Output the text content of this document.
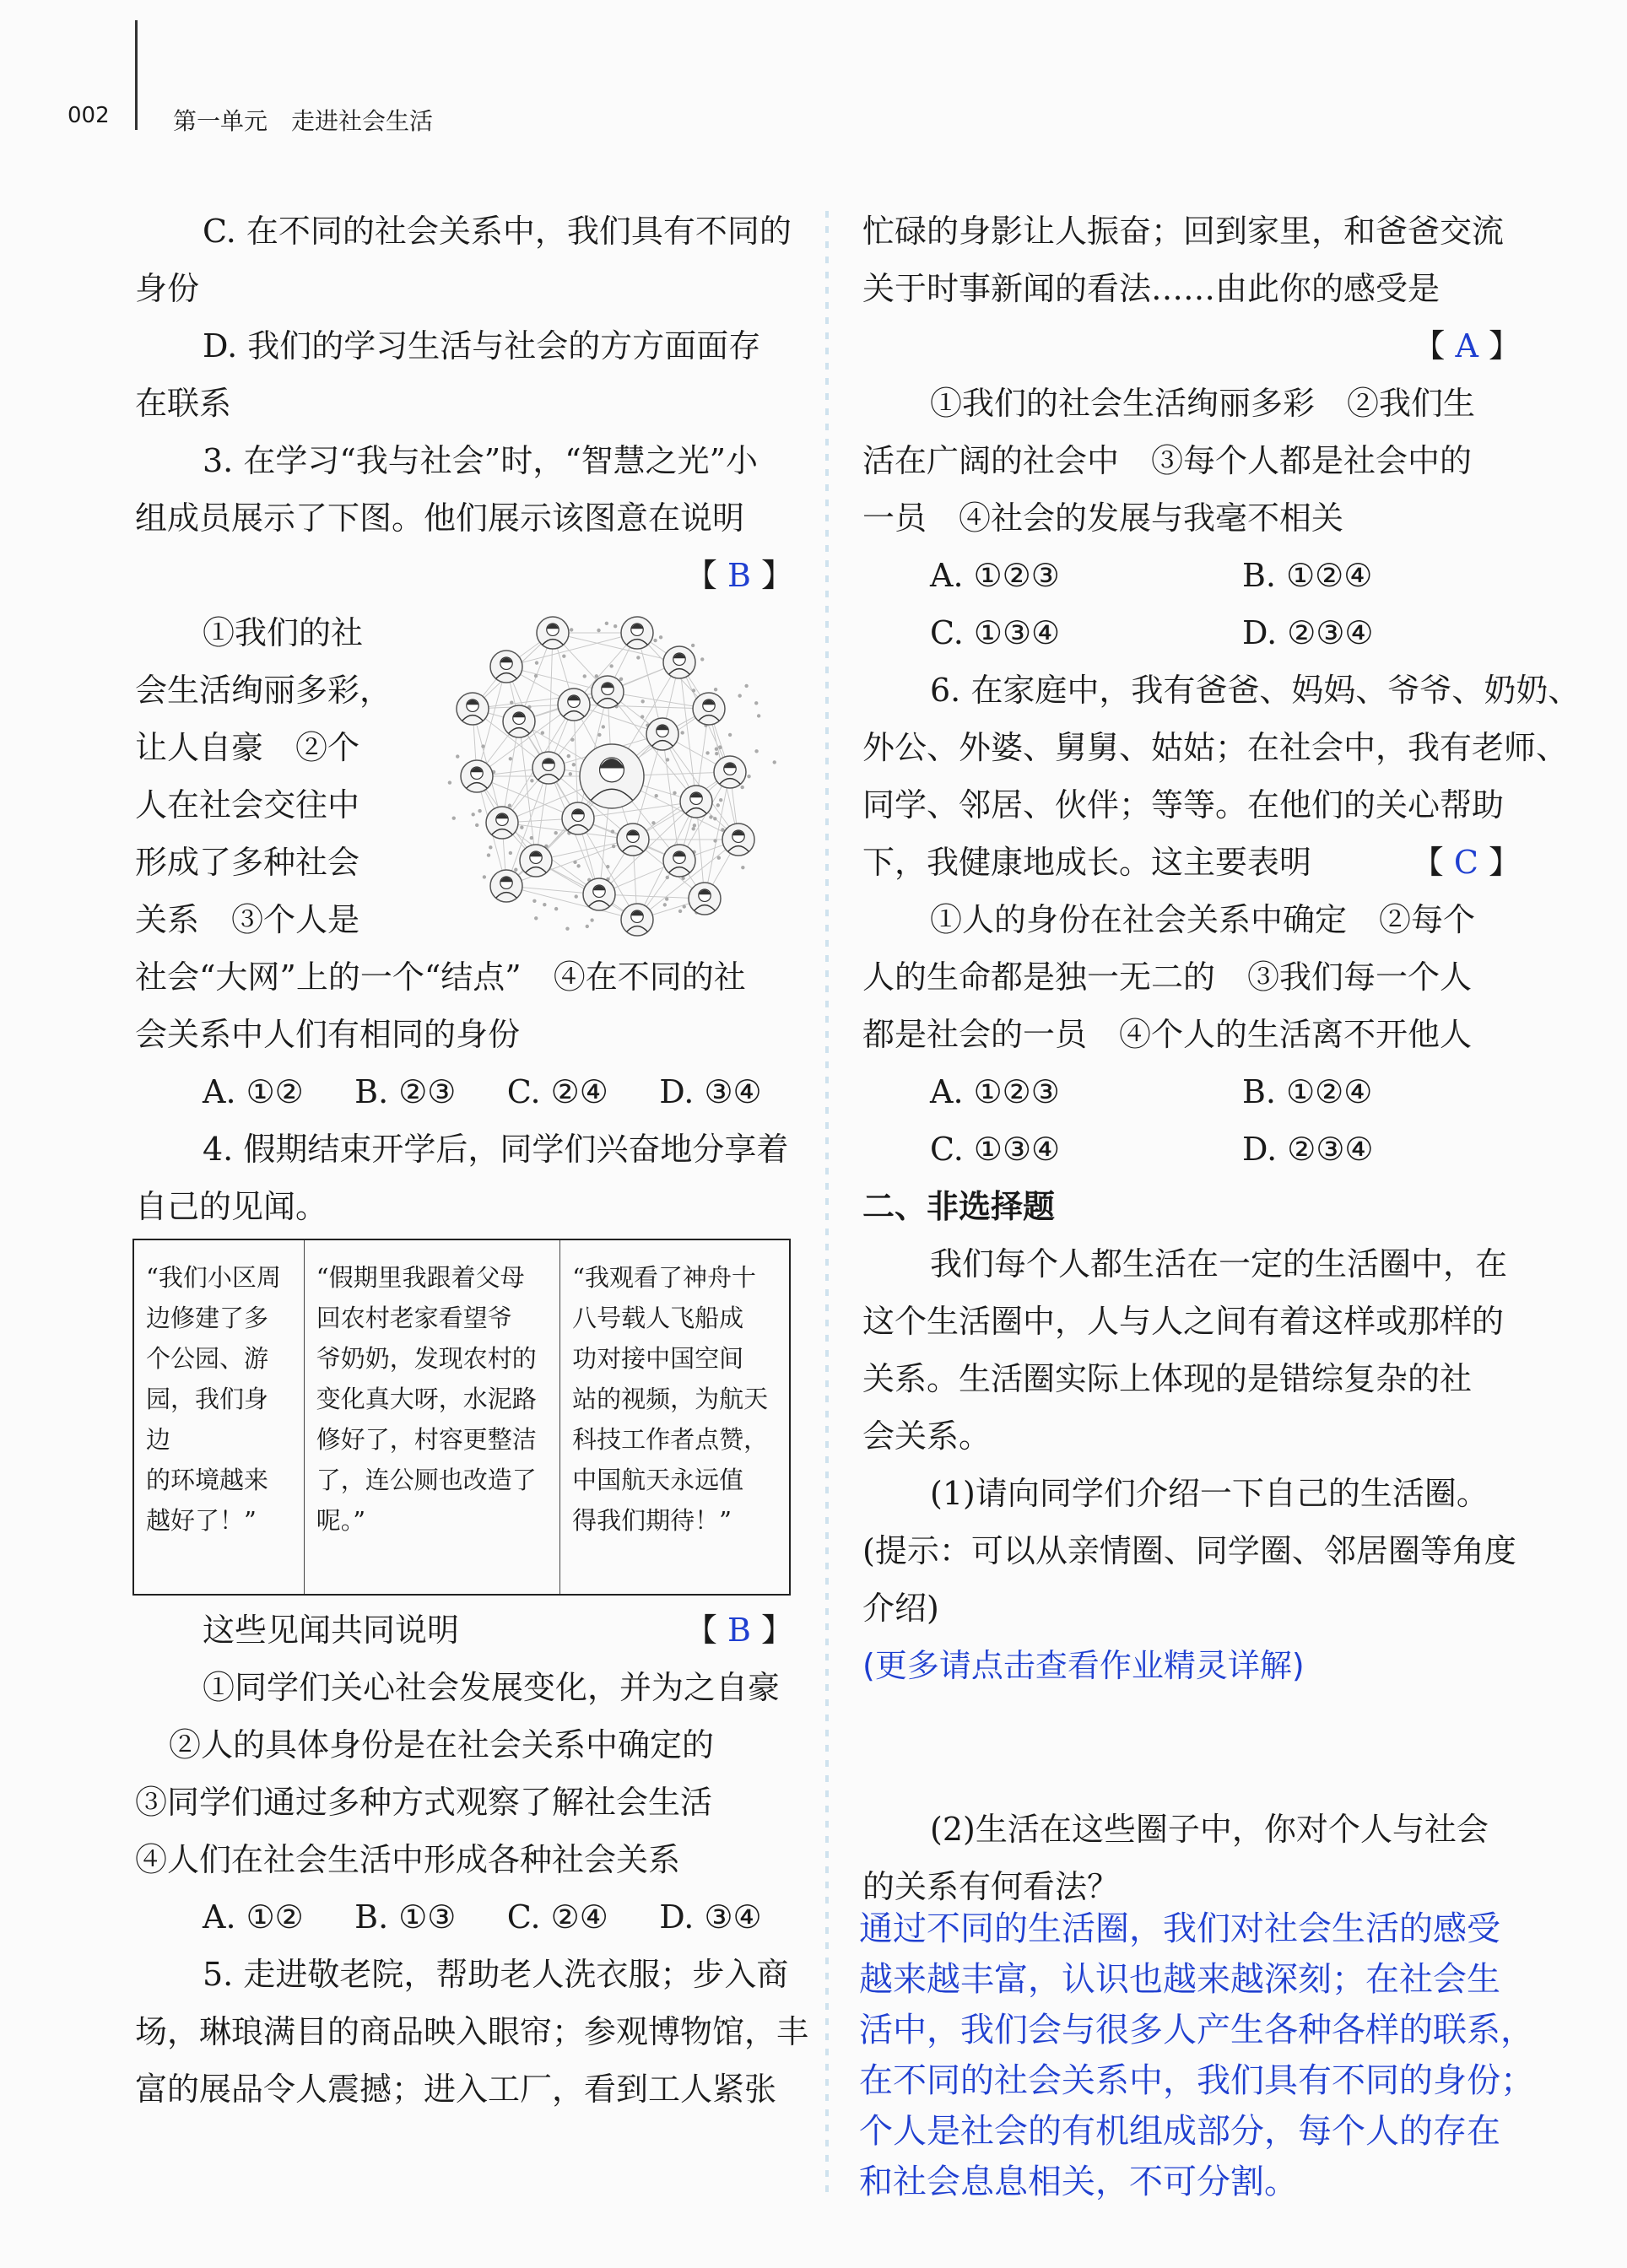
002	第一单元　走进社会生活

C. 在不同的社会关系中，我们具有不同的

身份

D. 我们的学习生活与社会的方方面面存

在联系

3. 在学习“我与社会”时，“智慧之光”小

组成员展示了下图。他们展示该图意在说明

【 B 】

①我们的社

会生活绚丽多彩，

让人自豪　②个

人在社会交往中

形成了多种社会

关系　③个人是

社会“大网”上的一个“结点”　④在不同的社

会关系中人们有相同的身份

A. ①② B. ②③ C. ②④ D. ③④

4. 假期结束开学后，同学们兴奋地分享着

自己的见闻。

“我们小区周
边修建了多
个公园、游
园，我们身边
的环境越来
越好了！”

“假期里我跟着父母
回农村老家看望爷
爷奶奶，发现农村的
变化真大呀，水泥路
修好了，村容更整洁
了，连公厕也改造了
呢。”

“我观看了神舟十
八号载人飞船成
功对接中国空间
站的视频，为航天
科技工作者点赞，
中国航天永远值
得我们期待！”

这些见闻共同说明	【 B 】

①同学们关心社会发展变化，并为之自豪

②人的具体身份是在社会关系中确定的

③同学们通过多种方式观察了解社会生活

④人们在社会生活中形成各种社会关系

A. ①② B. ①③ C. ②④ D. ③④

5. 走进敬老院，帮助老人洗衣服；步入商

场，琳琅满目的商品映入眼帘；参观博物馆，丰

富的展品令人震撼；进入工厂，看到工人紧张

忙碌的身影让人振奋；回到家里，和爸爸交流

关于时事新闻的看法……由此你的感受是

【 A 】

①我们的社会生活绚丽多彩　②我们生

活在广阔的社会中　③每个人都是社会中的

一员　④社会的发展与我毫不相关

A. ①②③	B. ①②④

C. ①③④	D. ②③④

6. 在家庭中，我有爸爸、妈妈、爷爷、奶奶、

外公、外婆、舅舅、姑姑；在社会中，我有老师、

同学、邻居、伙伴；等等。在他们的关心帮助

下，我健康地成长。这主要表明	【 C 】

①人的身份在社会关系中确定　②每个

人的生命都是独一无二的　③我们每一个人

都是社会的一员　④个人的生活离不开他人

A. ①②③	B. ①②④

C. ①③④	D. ②③④

二、非选择题

我们每个人都生活在一定的生活圈中，在

这个生活圈中，人与人之间有着这样或那样的

关系。生活圈实际上体现的是错综复杂的社

会关系。

(1)请向同学们介绍一下自己的生活圈。

(提示：可以从亲情圈、同学圈、邻居圈等角度

介绍)

(更多请点击查看作业精灵详解)

(2)生活在这些圈子中，你对个人与社会

的关系有何看法？

通过不同的生活圈，我们对社会生活的感受
越来越丰富，认识也越来越深刻；在社会生
活中，我们会与很多人产生各种各样的联系，
在不同的社会关系中，我们具有不同的身份；
个人是社会的有机组成部分，每个人的存在
和社会息息相关，不可分割。
